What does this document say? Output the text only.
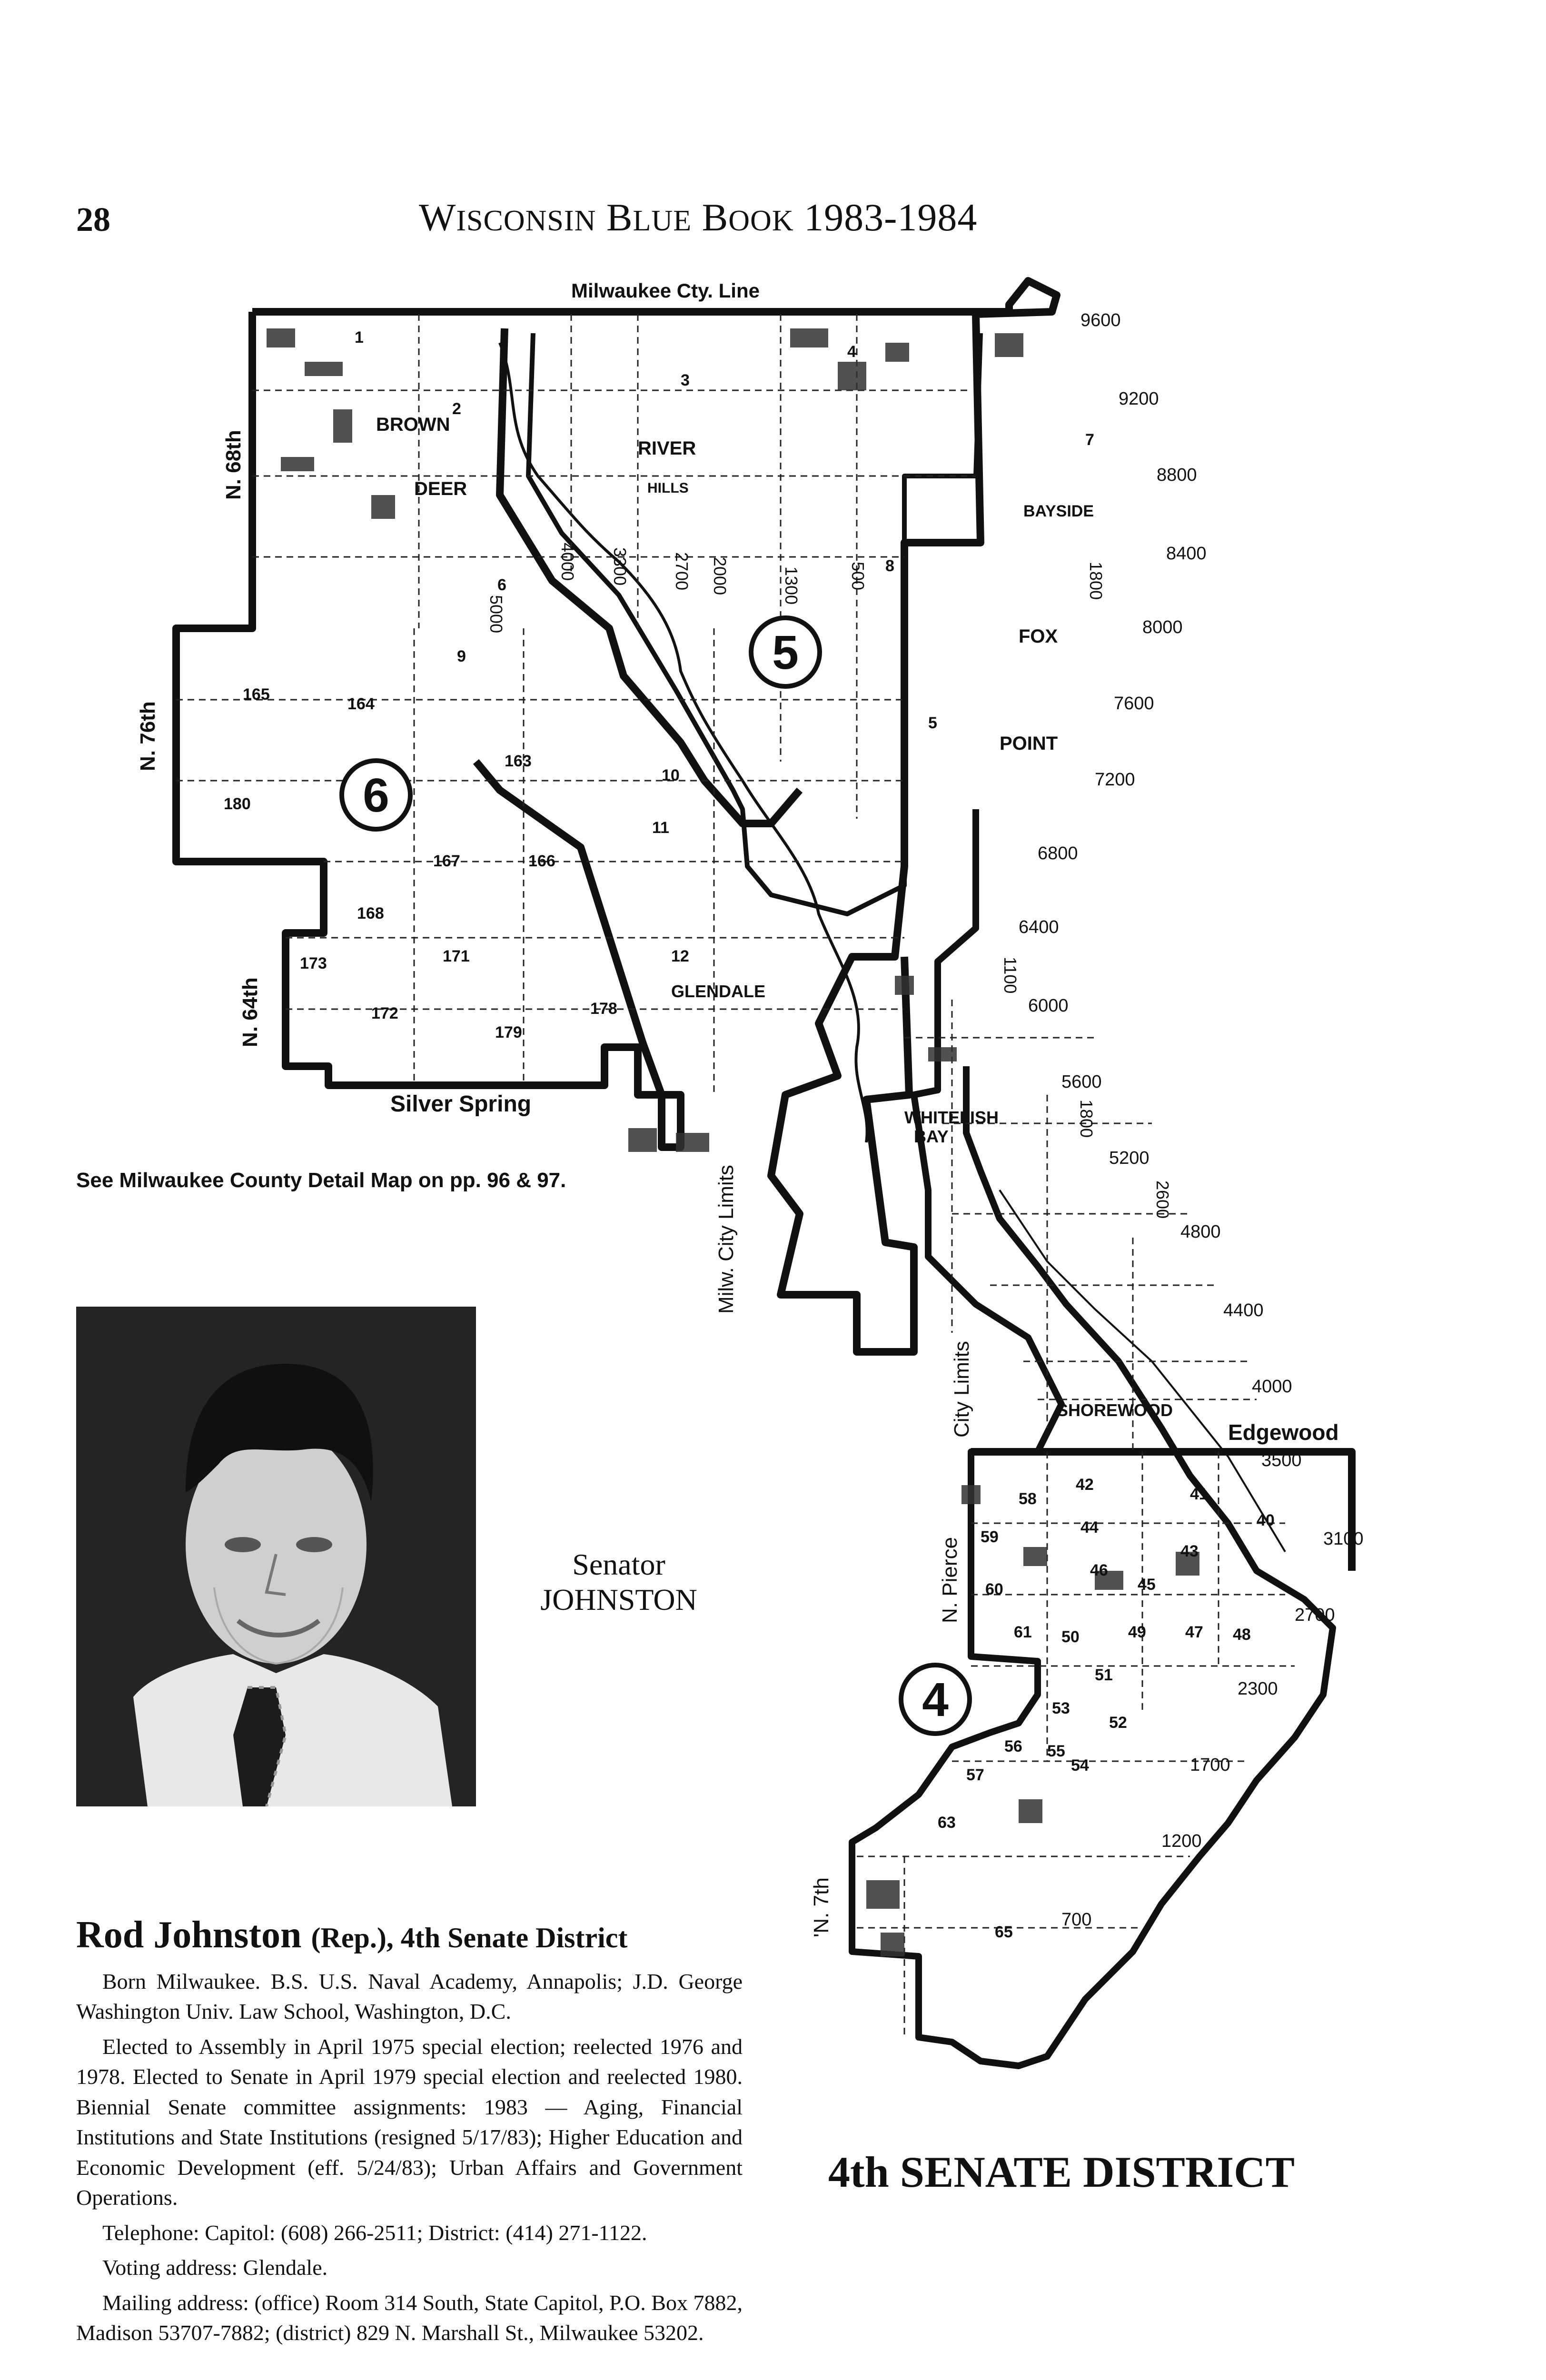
28	WISCONSIN BLUE BOOK 1983-1984
5
6
4
Milwaukee Cty. Line
Silver Spring
Edgewood
BROWN
DEER
RIVER
HILLS
BAYSIDE
FOX
POINT
GLENDALE
WHITEFISH
BAY
SHOREWOOD
N. 68th
N. 76th
N. 64th
City Limits
N. Pierce
'N. 7th
Milw. City Limits
5000
4000 3300 2700 2000	1300	500	1800
1100
1800
2600
9600
9200
8800
8400
8000
7600
7200
6800
6400
6000
5600
5200
4800
4400
4000
3500
3100
2700
2300
1700
1200
700
1
2
3
4
5
6
7
8
9
10
11
12
165
164
163
166
167
168
171
172
173
178
179
180
40
41
42
43
44
45
46
47 48
49
50
51
52
53
54
55
56
57
58
59
60
61
63
65
See Milwaukee County Detail Map on pp. 96 & 97.
Senator
JOHNSTON
Rod Johnston (Rep.), 4th Senate District

Born Milwaukee. B.S. U.S. Naval Academy, Annapolis; J.D. George Washington Univ. Law School, Washington, D.C.

Elected to Assembly in April 1975 special election; reelected 1976 and 1978. Elected to Senate in April 1979 special election and reelected 1980. Biennial Senate committee assignments: 1983 — Aging, Financial Institutions and State Institutions (resigned 5/17/83); Higher Education and Economic Development (eff. 5/24/83); Urban Affairs and Government Operations.

Telephone: Capitol: (608) 266-2511; District: (414) 271-1122.

Voting address: Glendale.

Mailing address: (office) Room 314 South, State Capitol, P.O. Box 7882, Madison 53707-7882; (district) 829 N. Marshall St., Milwaukee 53202.

4th SENATE DISTRICT
